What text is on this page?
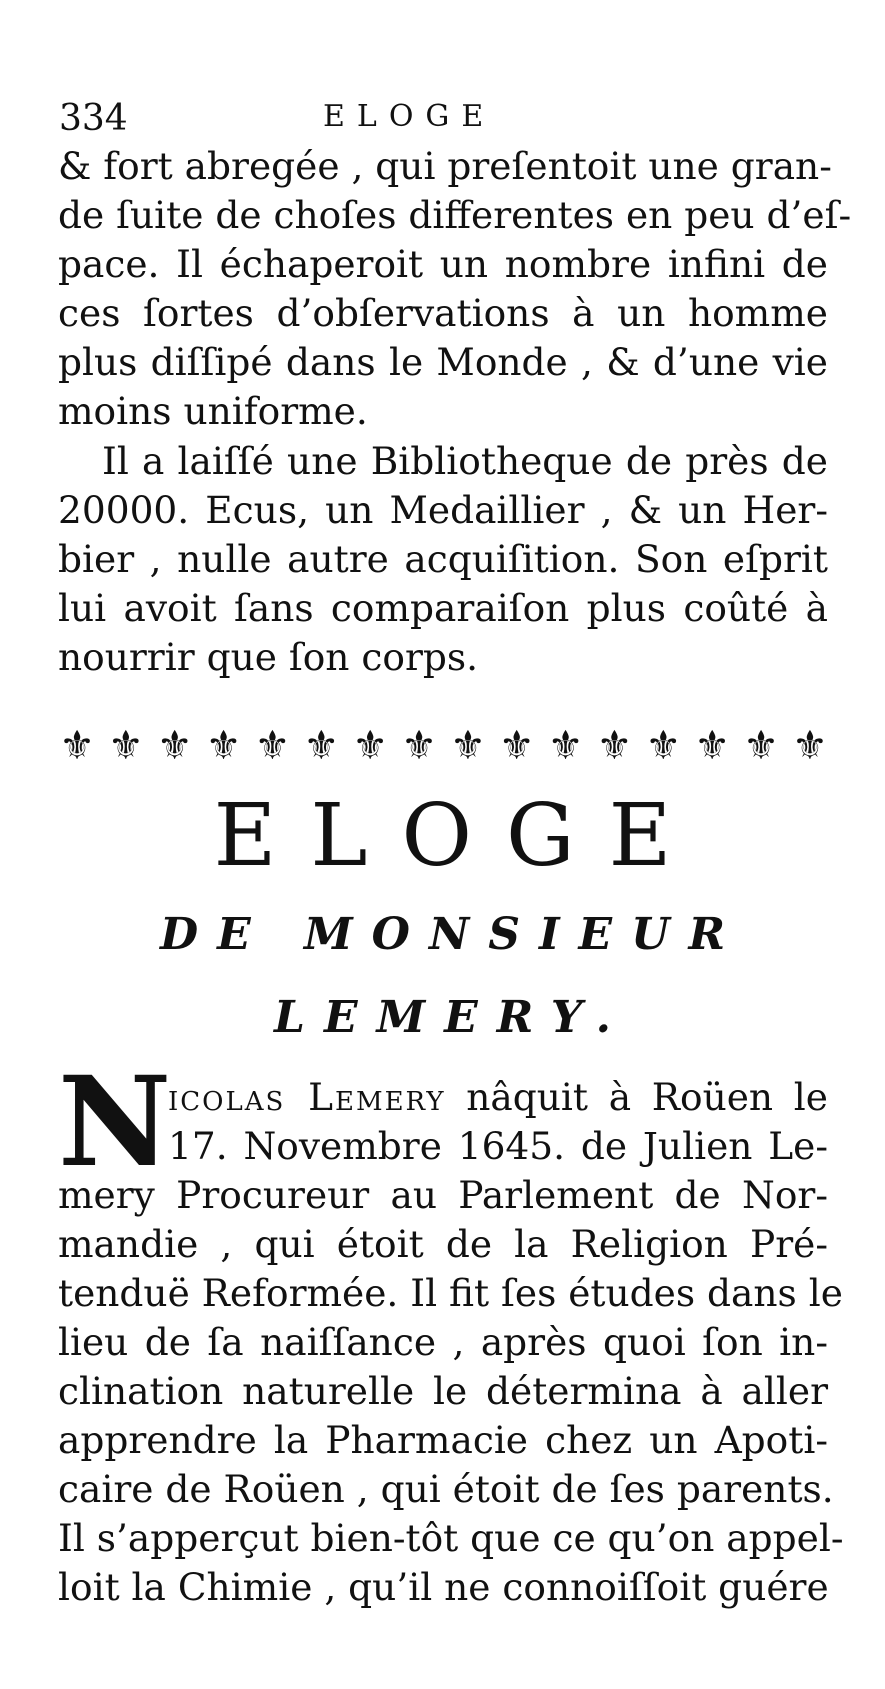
334	ELOGE
& fort abregée , qui preſentoit une gran-
de ſuite de choſes differentes en peu d’eſ-
pace. Il échaperoit un nombre infini de
ces ſortes d’obſervations à un homme
plus diſſipé dans le Monde , & d’une vie
moins uniforme.
Il a laiſſé une Bibliotheque de près de
20000. Ecus, un Medaillier , & un Her-
bier , nulle autre acquiſition. Son eſprit
lui avoit ſans comparaiſon plus coûté à
nourrir que ſon corps.
⚜ ⚜ ⚜ ⚜ ⚜ ⚜ ⚜ ⚜ ⚜ ⚜ ⚜ ⚜ ⚜ ⚜ ⚜ ⚜
ELOGE
DE MONSIEUR
LEMERY.
N
icolas Lemery nâquit à Roüen le
17. Novembre 1645. de Julien Le-
mery Procureur au Parlement de Nor-
mandie , qui étoit de la Religion Pré-
tenduë Reformée. Il fit ſes études dans le
lieu de ſa naiſſance , après quoi ſon in-
clination naturelle le détermina à aller
apprendre la Pharmacie chez un Apoti-
caire de Roüen , qui étoit de ſes parents.
Il s’apperçut bien-tôt que ce qu’on appel-
loit la Chimie , qu’il ne connoiſſoit guére
